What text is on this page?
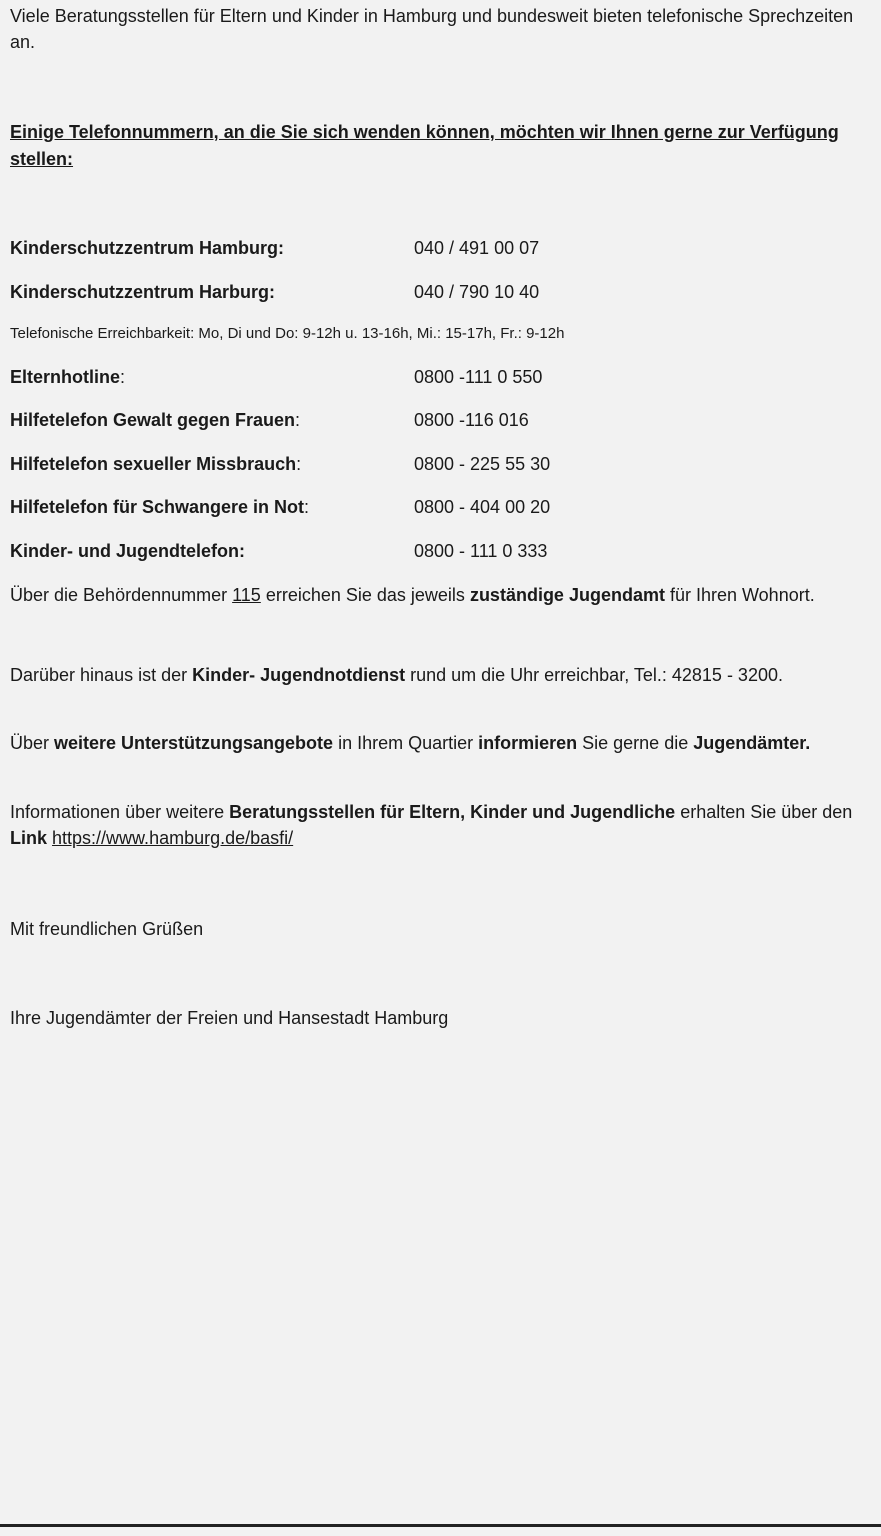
Viele Beratungsstellen für Eltern und Kinder in Hamburg und bundesweit bieten telefonische Sprechzeiten an.
Einige Telefonnummern, an die Sie sich wenden können, möchten wir Ihnen gerne zur Verfügung stellen:
Kinderschutzzentrum Hamburg:	040 / 491 00 07
Kinderschutzzentrum Harburg:	040 / 790 10 40
Telefonische Erreichbarkeit: Mo, Di und Do: 9-12h u. 13-16h, Mi.: 15-17h, Fr.: 9-12h
Elternhotline:	0800 -111 0 550
Hilfetelefon Gewalt gegen Frauen:	0800 -116 016
Hilfetelefon sexueller Missbrauch:	0800 - 225 55 30
Hilfetelefon für Schwangere in Not:	0800 - 404 00 20
Kinder- und Jugendtelefon:	0800 - 111 0 333
Über die Behördennummer 115 erreichen Sie das jeweils zuständige Jugendamt für Ihren Wohnort.
Darüber hinaus ist der Kinder- Jugendnotdienst rund um die Uhr erreichbar, Tel.: 42815 - 3200.
Über weitere Unterstützungsangebote in Ihrem Quartier informieren Sie gerne die Jugendämter.
Informationen über weitere Beratungsstellen für Eltern, Kinder und Jugendliche erhalten Sie über den Link https://www.hamburg.de/basfi/
Mit freundlichen Grüßen
Ihre Jugendämter der Freien und Hansestadt Hamburg
